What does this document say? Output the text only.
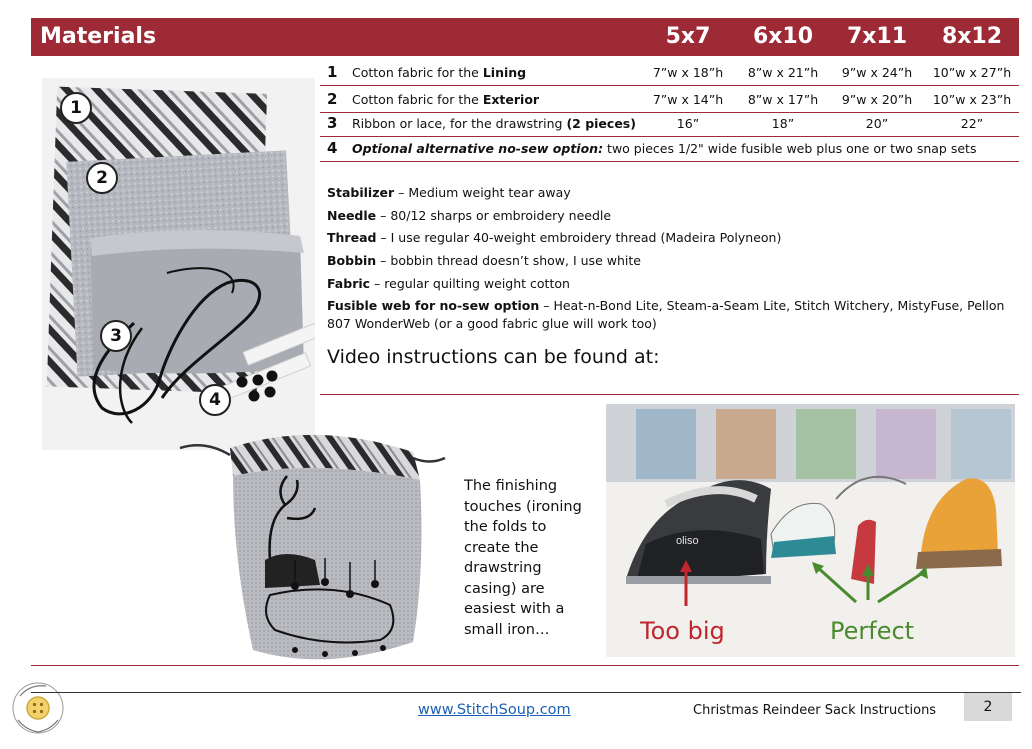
Materials	5x7	6x10	7x11	8x12
1 Cotton fabric for the Lining	7”w x 18”h	8”w x 21”h	9”w x 24”h	10”w x 27”h
2 Cotton fabric for the Exterior	7”w x 14”h	8”w x 17”h	9”w x 20”h	10”w x 23”h
3 Ribbon or lace, for the drawstring (2 pieces)	16”	18”	20”	22”
4 Optional alternative no-sew option: two pieces 1/2" wide fusible web plus one or two snap sets
Stabilizer – Medium weight tear away
Needle – 80/12 sharps or embroidery needle
Thread – I use regular 40-weight embroidery thread (Madeira Polyneon)
Bobbin – bobbin thread doesn’t show, I use white
Fabric – regular quilting weight cotton
Fusible web for no-sew option – Heat-n-Bond Lite, Steam-a-Seam Lite, Stitch Witchery, MistyFuse, Pellon 807 WonderWeb (or a good fabric glue will work too)
Video instructions can be found at:
1
2
3
4
The finishing touches (ironing the folds to create the drawstring casing) are easiest with a small iron…
oliso
Too big	Perfect
www.StitchSoup.com	Christmas Reindeer Sack Instructions	2
